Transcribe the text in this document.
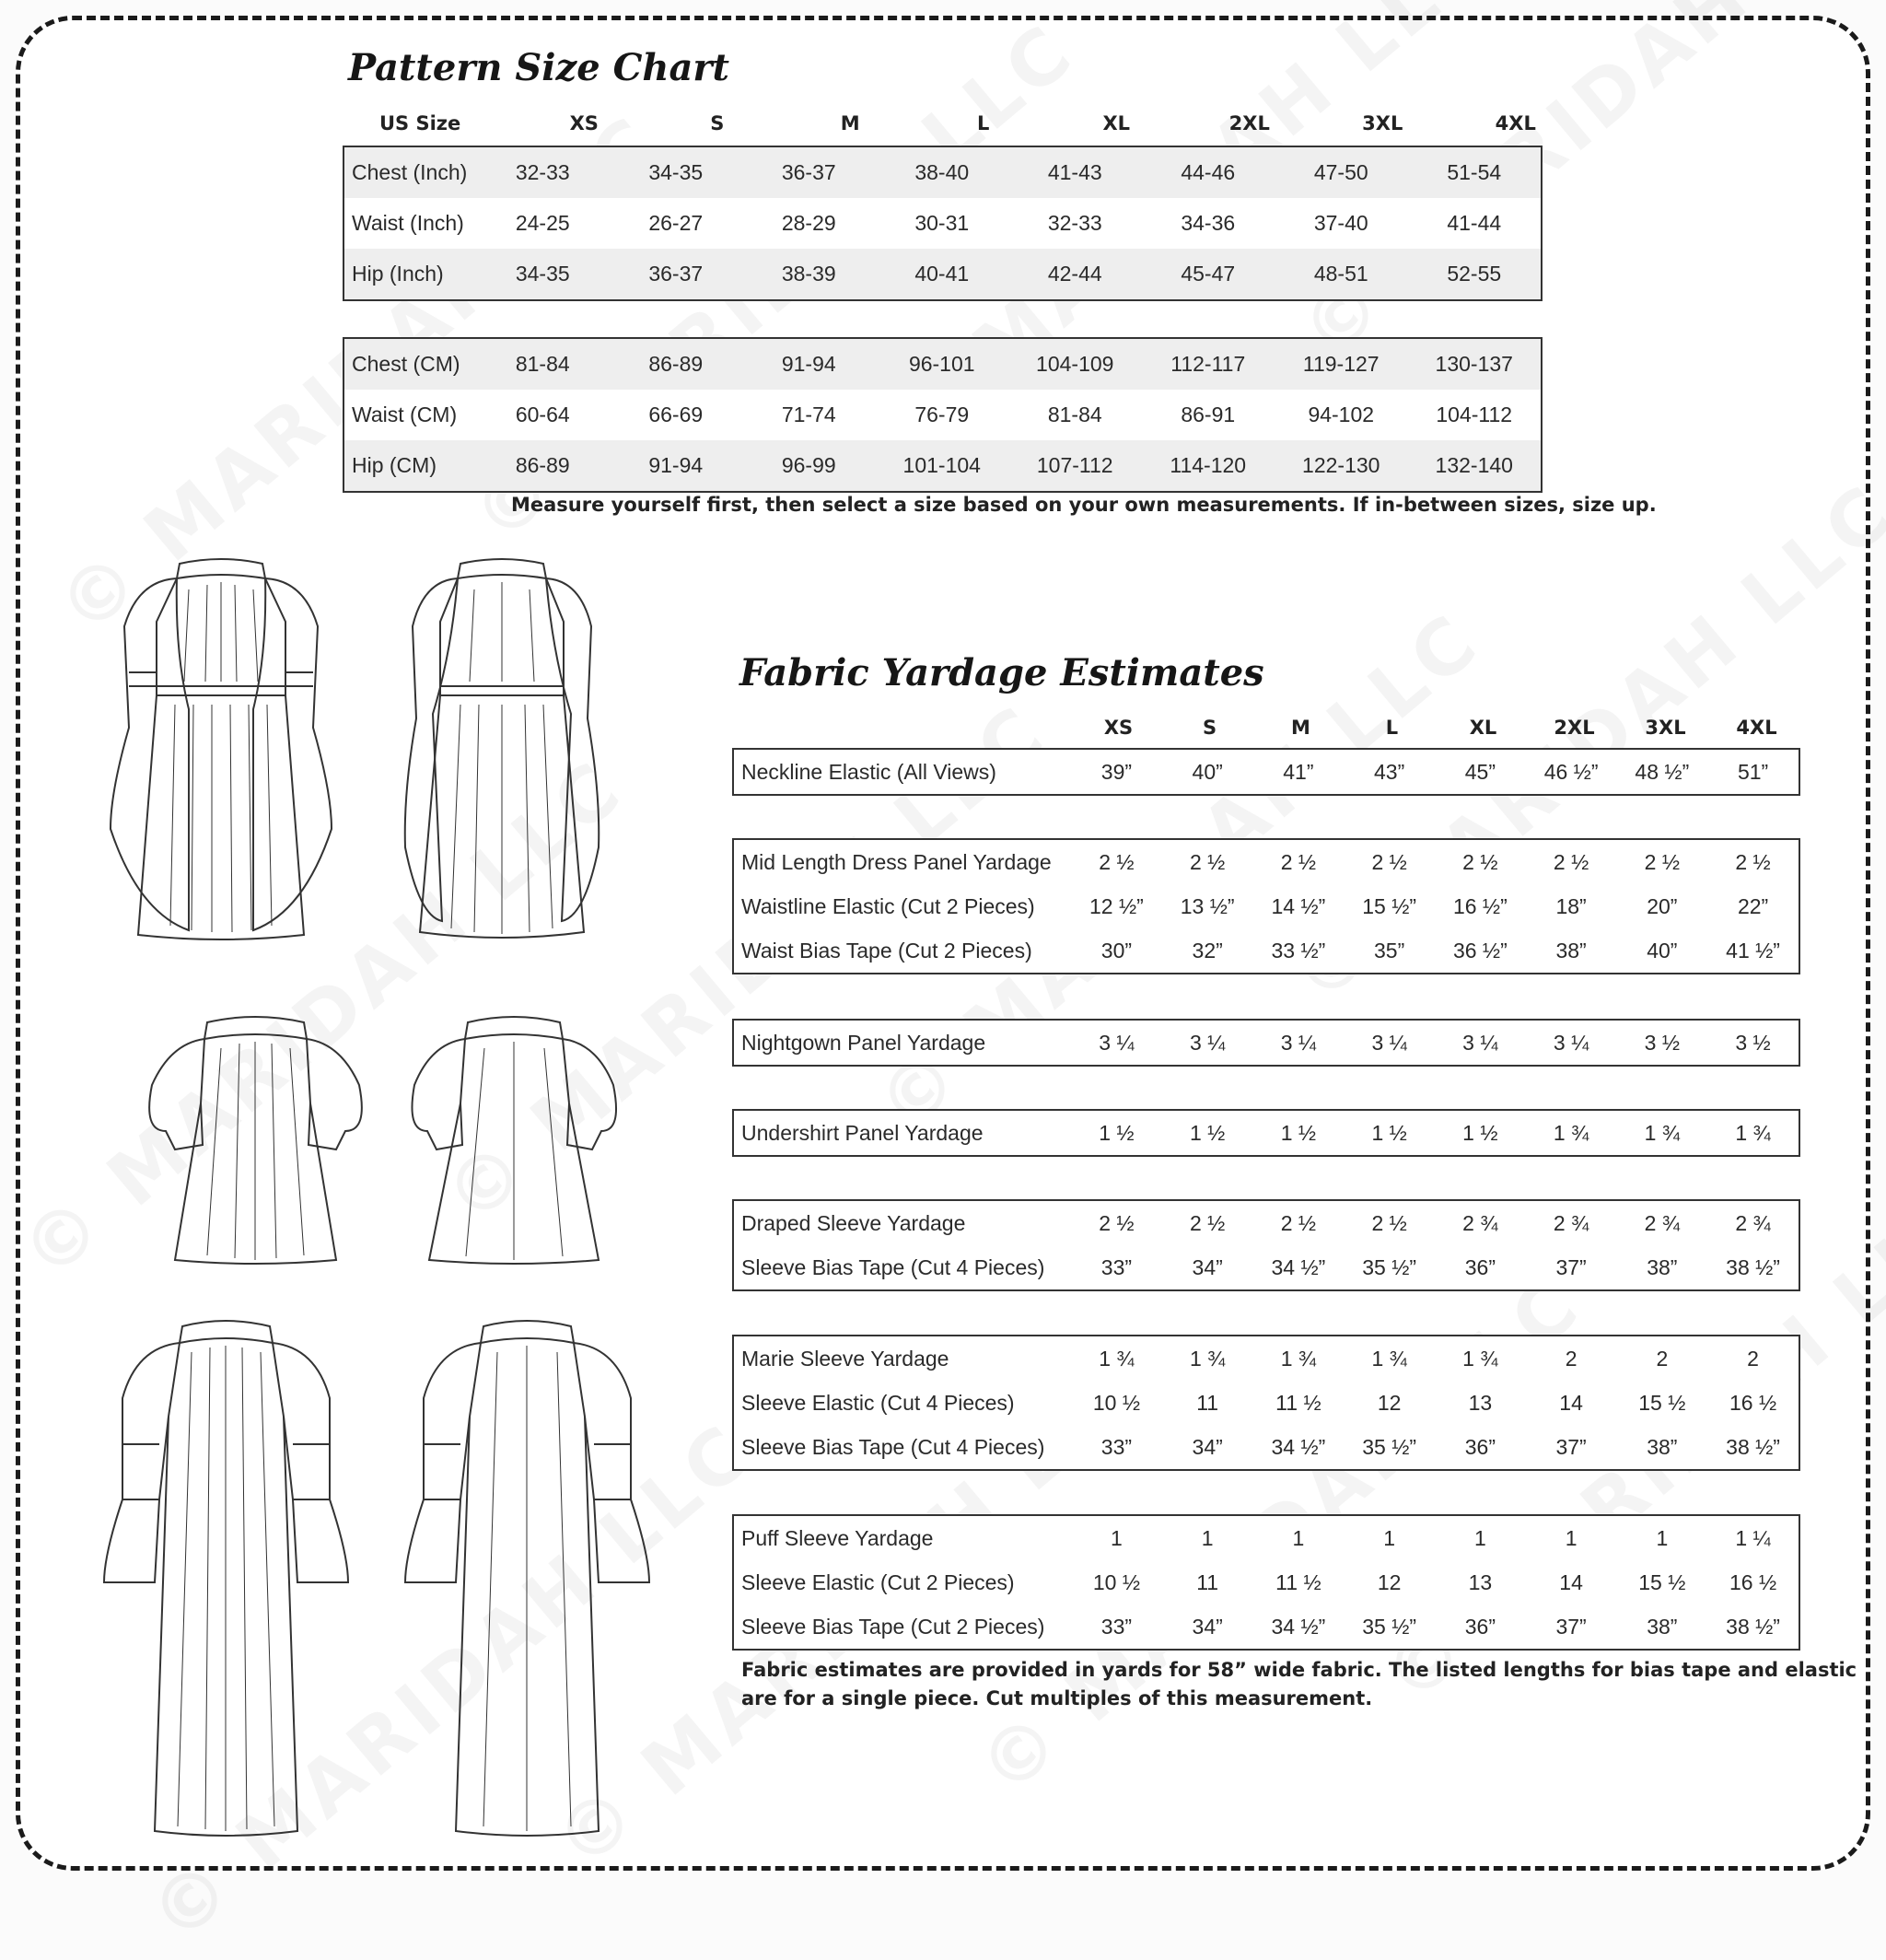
Pattern Size Chart
US Size	XS	S	M	L	XL	2XL	3XL	4XL
Chest (Inch)	32-33	34-35	36-37	38-40	41-43	44-46	47-50	51-54
Waist (Inch)	24-25	26-27	28-29	30-31	32-33	34-36	37-40	41-44
Hip (Inch)	34-35	36-37	38-39	40-41	42-44	45-47	48-51	52-55
Chest (CM)	81-84	86-89	91-94	96-101	104-109	112-117	119-127	130-137
Waist (CM)	60-64	66-69	71-74	76-79	81-84	86-91	94-102	104-112
Hip (CM)	86-89	91-94	96-99	101-104	107-112	114-120	122-130	132-140
Measure yourself first, then select a size based on your own measurements. If in-between sizes, size up.
Fabric Yardage Estimates
XS	S	M	L	XL	2XL	3XL	4XL
Neckline Elastic (All Views)	39”	40”	41”	43”	45”	46 ½”	48 ½”	51”
Mid Length Dress Panel Yardage	2 ½	2 ½	2 ½	2 ½	2 ½	2 ½	2 ½	2 ½
Waistline Elastic (Cut 2 Pieces)	12 ½”	13 ½”	14 ½”	15 ½”	16 ½”	18”	20”	22”
Waist Bias Tape (Cut 2 Pieces)	30”	32”	33 ½”	35”	36 ½”	38”	40”	41 ½”
Nightgown Panel Yardage	3 ¼	3 ¼	3 ¼	3 ¼	3 ¼	3 ¼	3 ½	3 ½
Undershirt Panel Yardage	1 ½	1 ½	1 ½	1 ½	1 ½	1 ¾	1 ¾	1 ¾
Draped Sleeve Yardage	2 ½	2 ½	2 ½	2 ½	2 ¾	2 ¾	2 ¾	2 ¾
Sleeve Bias Tape (Cut 4 Pieces)	33”	34”	34 ½”	35 ½”	36”	37”	38”	38 ½”
Marie Sleeve Yardage	1 ¾	1 ¾	1 ¾	1 ¾	1 ¾	2	2	2
Sleeve Elastic (Cut 4 Pieces)	10 ½	11	11 ½	12	13	14	15 ½	16 ½
Sleeve Bias Tape (Cut 4 Pieces)	33”	34”	34 ½”	35 ½”	36”	37”	38”	38 ½”
Puff Sleeve Yardage	1	1	1	1	1	1	1	1 ¼
Sleeve Elastic (Cut 2 Pieces)	10 ½	11	11 ½	12	13	14	15 ½	16 ½
Sleeve Bias Tape (Cut 2 Pieces)	33”	34”	34 ½”	35 ½”	36”	37”	38”	38 ½”
Fabric estimates are provided in yards for 58” wide fabric. The listed lengths for bias tape and elastic
are for a single piece. Cut multiples of this measurement.
